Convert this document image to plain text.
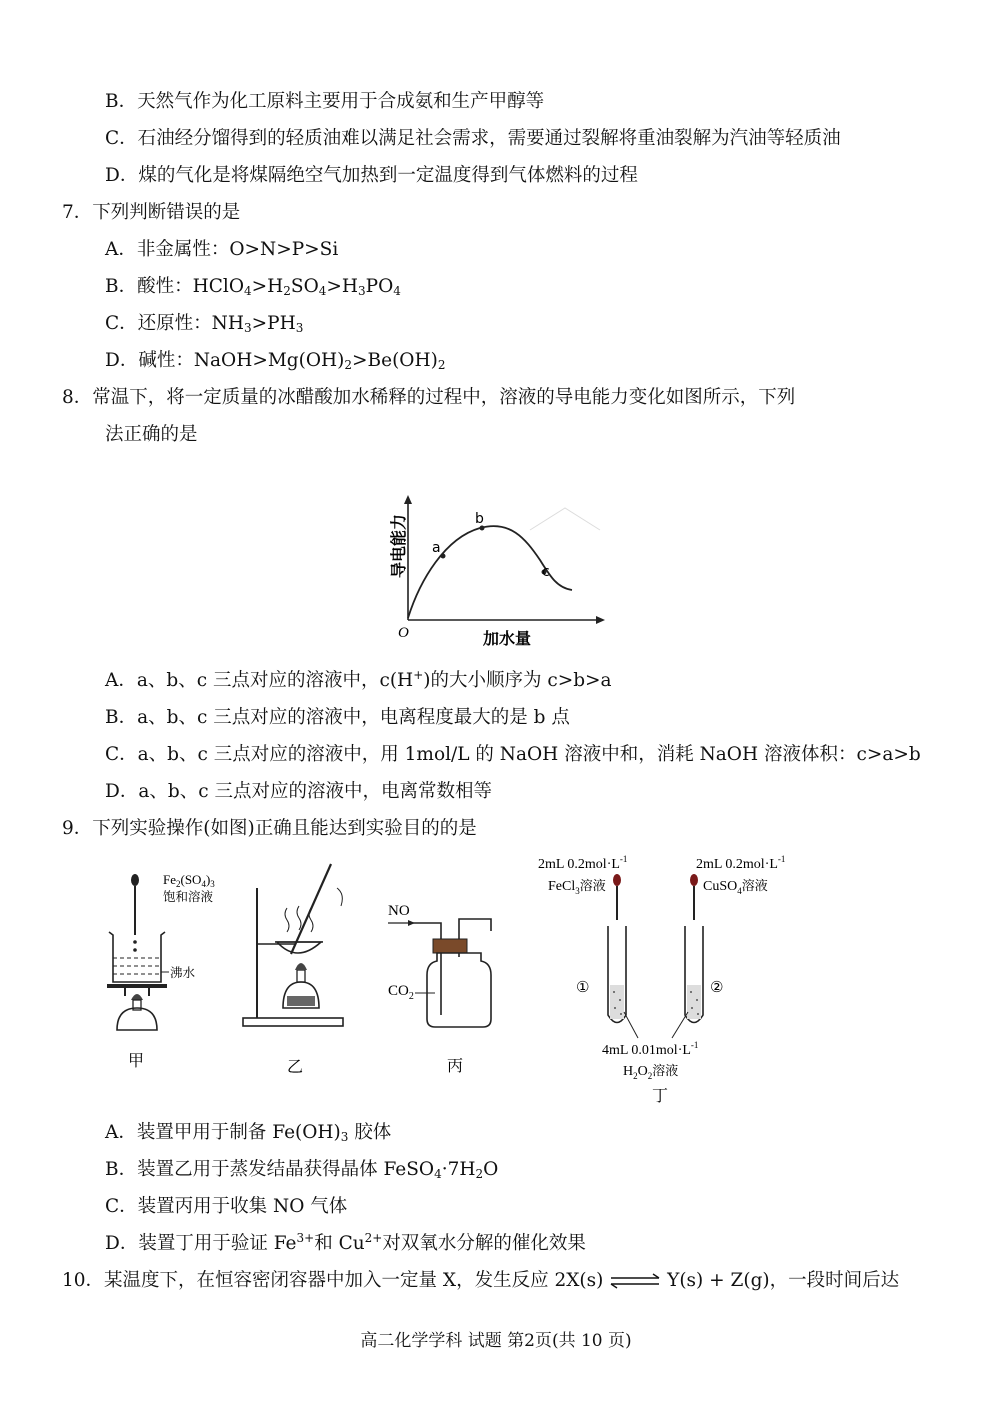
B．天然气作为化工原料主要用于合成氨和生产甲醇等
C．石油经分馏得到的轻质油难以满足社会需求，需要通过裂解将重油裂解为汽油等轻质油
D．煤的气化是将煤隔绝空气加热到一定温度得到气体燃料的过程
7．下列判断错误的是
A．非金属性：O>N>P>Si
B．酸性：$HClO_4>H_2SO_4>H_3PO_4$
C．还原性：$NH_3>PH_3$
D．碱性：$NaOH>Mg(OH)_2>Be(OH)_2$
8．常温下，将一定质量的冰醋酸加水稀释的过程中，溶液的导电能力变化如图所示，下列
法正确的是
a
b
c
O	加水量
导电能力
A．a、b、c 三点对应的溶液中，c(H+)的大小顺序为 c>b>a
B．a、b、c 三点对应的溶液中，电离程度最大的是 b 点
C．a、b、c 三点对应的溶液中，用 1mol/L 的 NaOH 溶液中和，消耗 NaOH 溶液体积：c>a>b
D．a、b、c 三点对应的溶液中，电离常数相等
9．下列实验操作(如图)正确且能达到实验目的的是
$Fe_2(SO_4)_3$
饱和溶液
沸水
甲	乙
NO
$CO_2$
丙
2mL $0.2mol\cdot L^{-1}$
FeCl$_3$溶液
2mL $0.2mol\cdot L^{-1}$
CuSO$_4$溶液
①	②
4mL $0.01mol\cdot L^{-1}$
$H_2O_2$溶液
丁
A．装置甲用于制备 $Fe(OH)_3$ 胶体
B．装置乙用于蒸发结晶获得晶体 $FeSO_4\cdot 7H_2O$
C．装置丙用于收集 NO 气体
D．装置丁用于验证 $Fe^{3+}$和 $Cu^{2+}$对双氧水分解的催化效果
10．某温度下，在恒容密闭容器中加入一定量 X，发生反应 2X(s) ⇌ Y(s) + Z(g)，一段时间后达
高二化学学科 试题 第2页(共 10 页)
